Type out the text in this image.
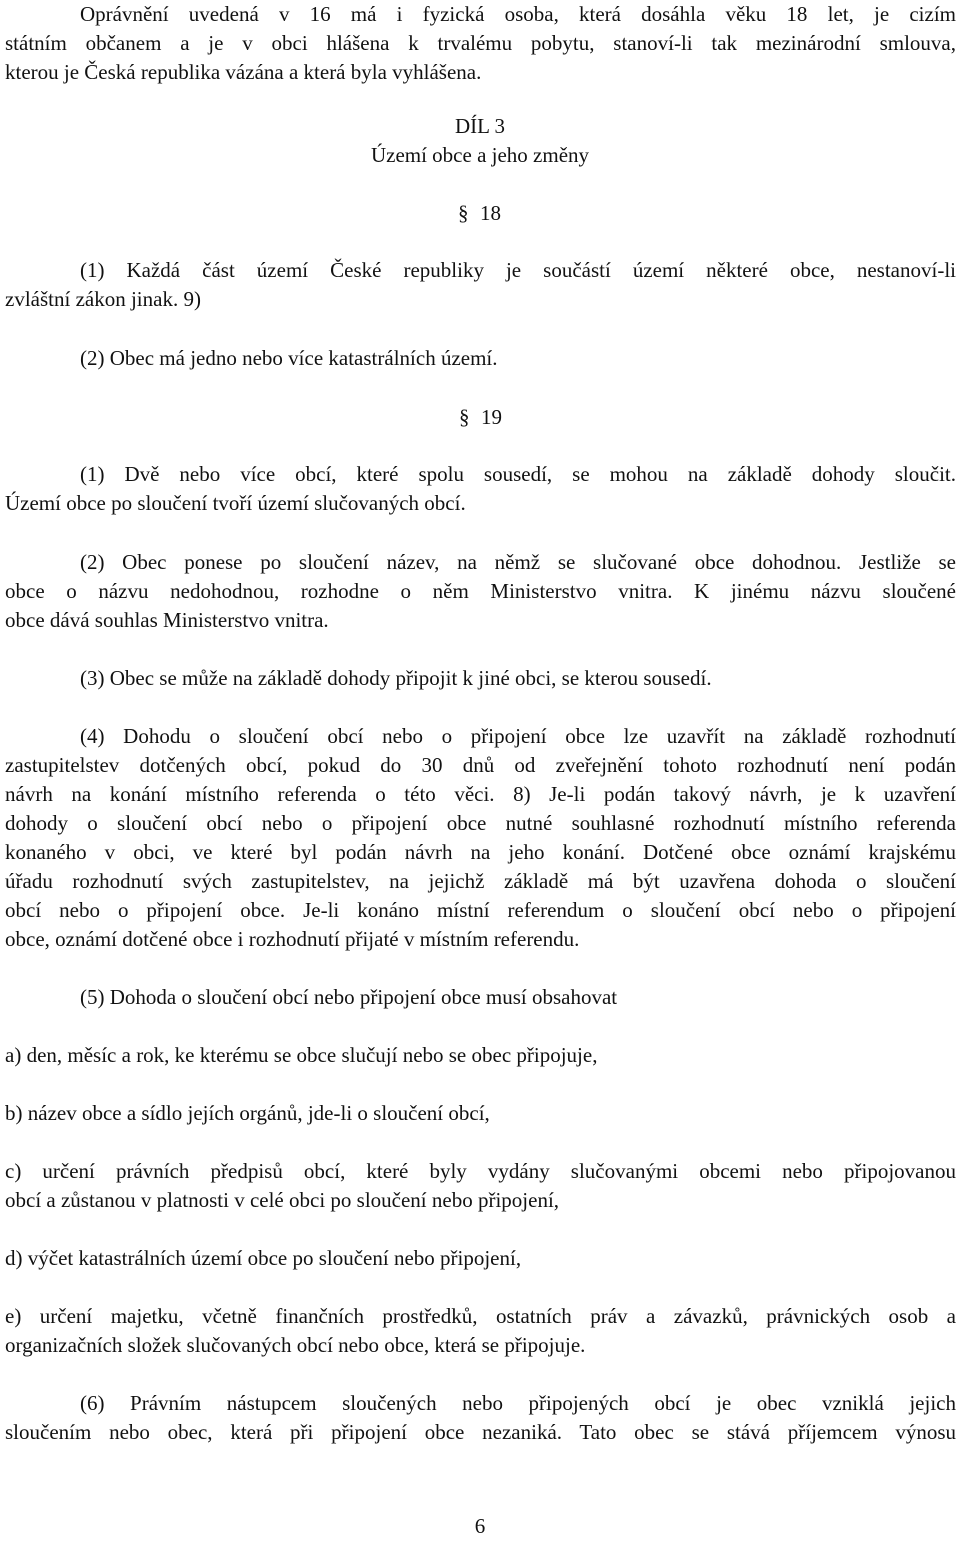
Oprávnění uvedená v 16 má i fyzická osoba, která dosáhla věku 18 let, je cizím
státním občanem a je v obci hlášena k trvalému pobytu, stanoví-li tak mezinárodní smlouva,
kterou je Česká republika vázána a která byla vyhlášena.
DÍL 3
Území obce a jeho změny
§ 18
(1) Každá část území České republiky je součástí území některé obce, nestanoví-li
zvláštní zákon jinak. 9)
(2) Obec má jedno nebo více katastrálních území.
§ 19
(1) Dvě nebo více obcí, které spolu sousedí, se mohou na základě dohody sloučit.
Území obce po sloučení tvoří území slučovaných obcí.
(2) Obec ponese po sloučení název, na němž se slučované obce dohodnou. Jestliže se
obce o názvu nedohodnou, rozhodne o něm Ministerstvo vnitra. K jinému názvu sloučené
obce dává souhlas Ministerstvo vnitra.
(3) Obec se může na základě dohody připojit k jiné obci, se kterou sousedí.
(4) Dohodu o sloučení obcí nebo o připojení obce lze uzavřít na základě rozhodnutí
zastupitelstev dotčených obcí, pokud do 30 dnů od zveřejnění tohoto rozhodnutí není podán
návrh na konání místního referenda o této věci. 8) Je-li podán takový návrh, je k uzavření
dohody o sloučení obcí nebo o připojení obce nutné souhlasné rozhodnutí místního referenda
konaného v obci, ve které byl podán návrh na jeho konání. Dotčené obce oznámí krajskému
úřadu rozhodnutí svých zastupitelstev, na jejichž základě má být uzavřena dohoda o sloučení
obcí nebo o připojení obce. Je-li konáno místní referendum o sloučení obcí nebo o připojení
obce, oznámí dotčené obce i rozhodnutí přijaté v místním referendu.
(5) Dohoda o sloučení obcí nebo připojení obce musí obsahovat
a) den, měsíc a rok, ke kterému se obce slučují nebo se obec připojuje,
b) název obce a sídlo jejích orgánů, jde-li o sloučení obcí,
c) určení právních předpisů obcí, které byly vydány slučovanými obcemi nebo připojovanou
obcí a zůstanou v platnosti v celé obci po sloučení nebo připojení,
d) výčet katastrálních území obce po sloučení nebo připojení,
e) určení majetku, včetně finančních prostředků, ostatních práv a závazků, právnických osob a
organizačních složek slučovaných obcí nebo obce, která se připojuje.
(6) Právním nástupcem sloučených nebo připojených obcí je obec vzniklá jejich
sloučením nebo obec, která při připojení obce nezaniká. Tato obec se stává příjemcem výnosu
6
